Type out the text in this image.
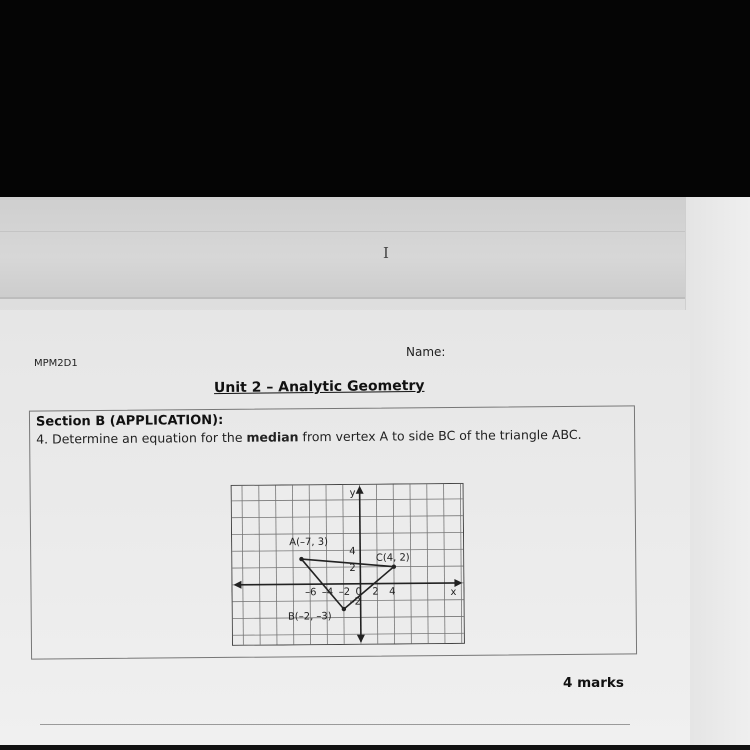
I
MPM2D1
Name:
Unit 2 – Analytic Geometry
Section B (APPLICATION):
4. Determine an equation for the median from vertex A to side BC of the triangle ABC.
–6 –4 –2 0 2 4
4
2
–2
A(–7, 3)
B(–2, –3)
C(4, 2)
x
y
4 marks
